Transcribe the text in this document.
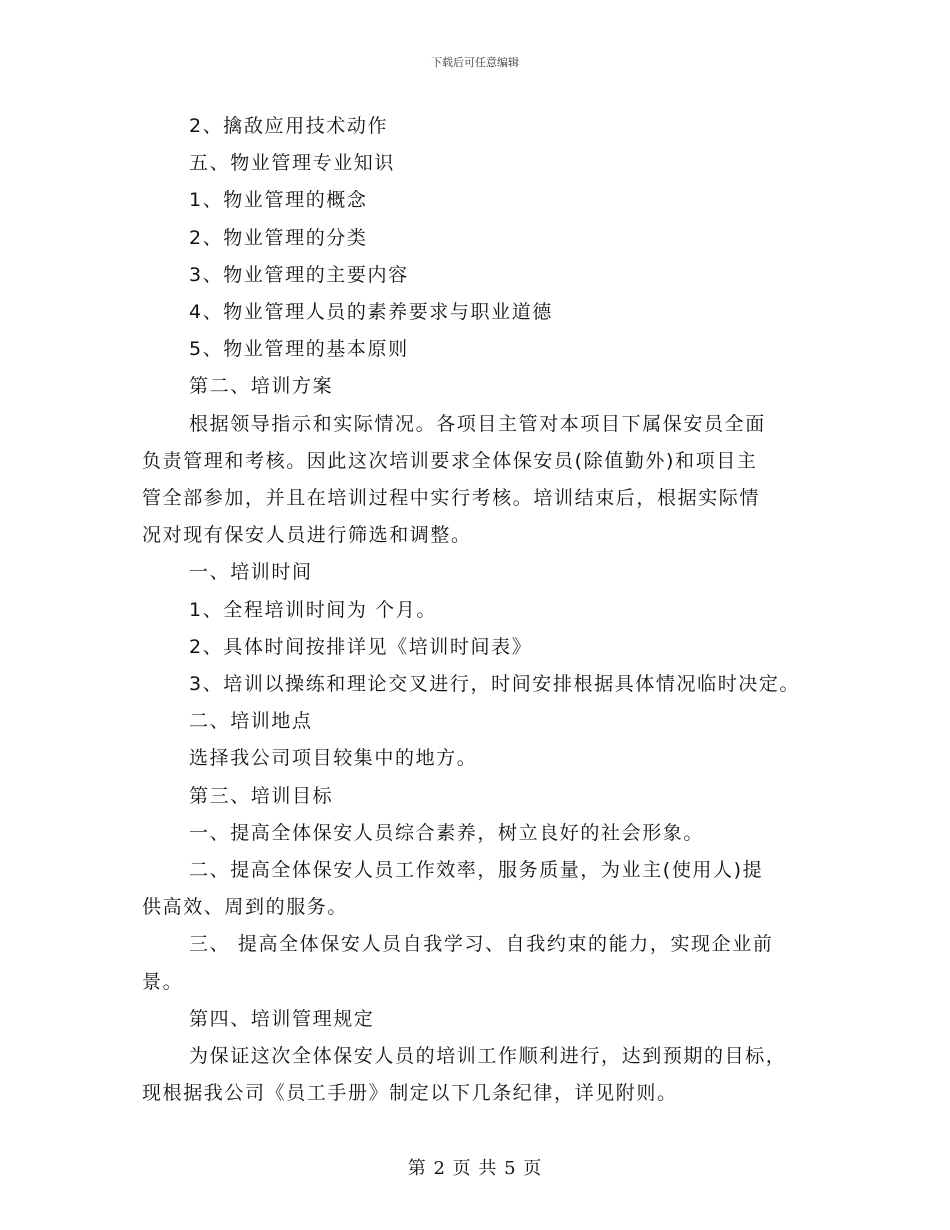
下载后可任意编辑

2、擒敌应用技术动作

五、物业管理专业知识

1、物业管理的概念

2、物业管理的分类

3、物业管理的主要内容

4、物业管理人员的素养要求与职业道德

5、物业管理的基本原则

第二、培训方案

根据领导指示和实际情况。各项目主管对本项目下属保安员全面

负责管理和考核。因此这次培训要求全体保安员(除值勤外)和项目主

管全部参加，并且在培训过程中实行考核。培训结束后，根据实际情

况对现有保安人员进行筛选和调整。

一、培训时间

1、全程培训时间为 个月。

2、具体时间按排详见《培训时间表》

3、培训以操练和理论交叉进行，时间安排根据具体情况临时决定。

二、培训地点

选择我公司项目较集中的地方。

第三、培训目标

一、提高全体保安人员综合素养，树立良好的社会形象。

二、提高全体保安人员工作效率，服务质量，为业主(使用人)提

供高效、周到的服务。

三、 提高全体保安人员自我学习、自我约束的能力，实现企业前

景。

第四、培训管理规定

为保证这次全体保安人员的培训工作顺利进行，达到预期的目标，

现根据我公司《员工手册》制定以下几条纪律，详见附则。

第 2 页 共 5 页
